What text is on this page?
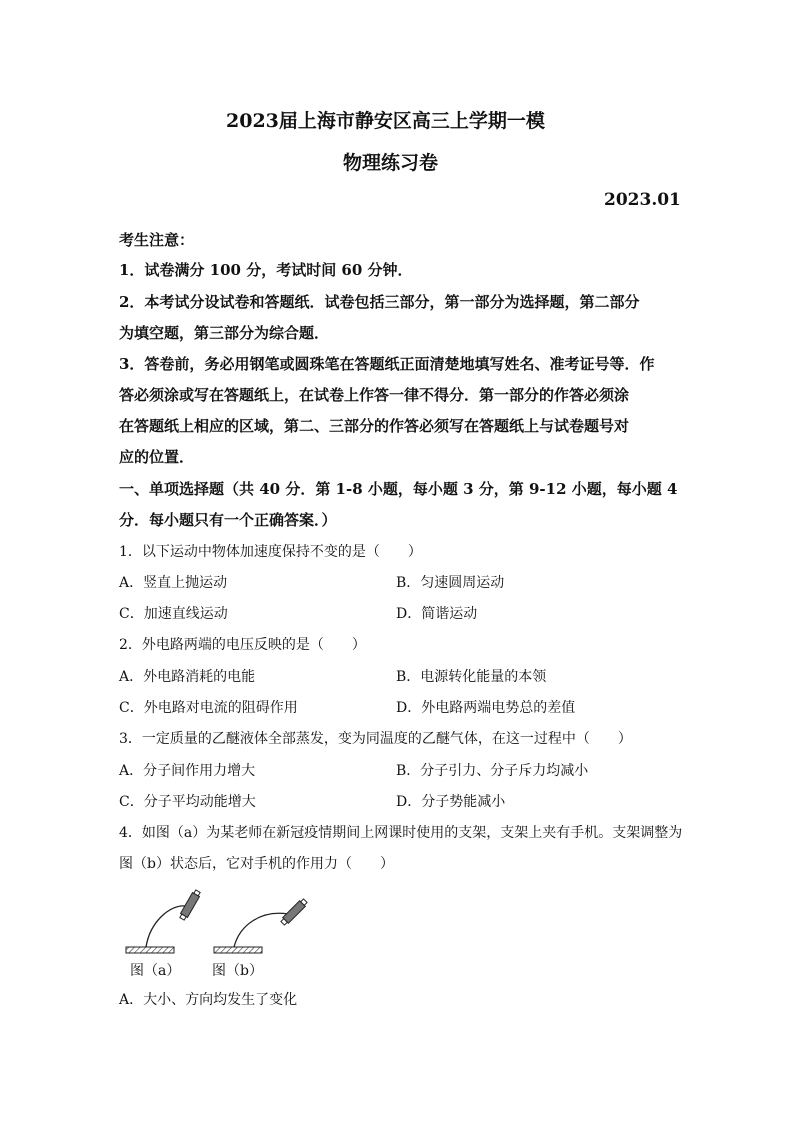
2023届上海市静安区高三上学期一模
物理练习卷
2023.01
考生注意：
1．试卷满分 100 分，考试时间 60 分钟．
2．本考试分设试卷和答题纸．试卷包括三部分，第一部分为选择题，第二部分
为填空题，第三部分为综合题．
3．答卷前，务必用钢笔或圆珠笔在答题纸正面清楚地填写姓名、准考证号等．作
答必须涂或写在答题纸上，在试卷上作答一律不得分．第一部分的作答必须涂
在答题纸上相应的区域，第二、三部分的作答必须写在答题纸上与试卷题号对
应的位置．
一、单项选择题（共 40 分．第 1-8 小题，每小题 3 分，第 9-12 小题，每小题 4
分．每小题只有一个正确答案．）
1．以下运动中物体加速度保持不变的是（　　）
A．竖直上抛运动	B．匀速圆周运动
C．加速直线运动	D．简谐运动
2．外电路两端的电压反映的是（　　）
A．外电路消耗的电能	B．电源转化能量的本领
C．外电路对电流的阻碍作用	D．外电路两端电势总的差值
3．一定质量的乙醚液体全部蒸发，变为同温度的乙醚气体，在这一过程中（　　）
A．分子间作用力增大	B．分子引力、分子斥力均减小
C．分子平均动能增大	D．分子势能减小
4．如图（a）为某老师在新冠疫情期间上网课时使用的支架，支架上夹有手机。支架调整为
图（b）状态后，它对手机的作用力（　　）
图（a） 图（b）
A．大小、方向均发生了变化
